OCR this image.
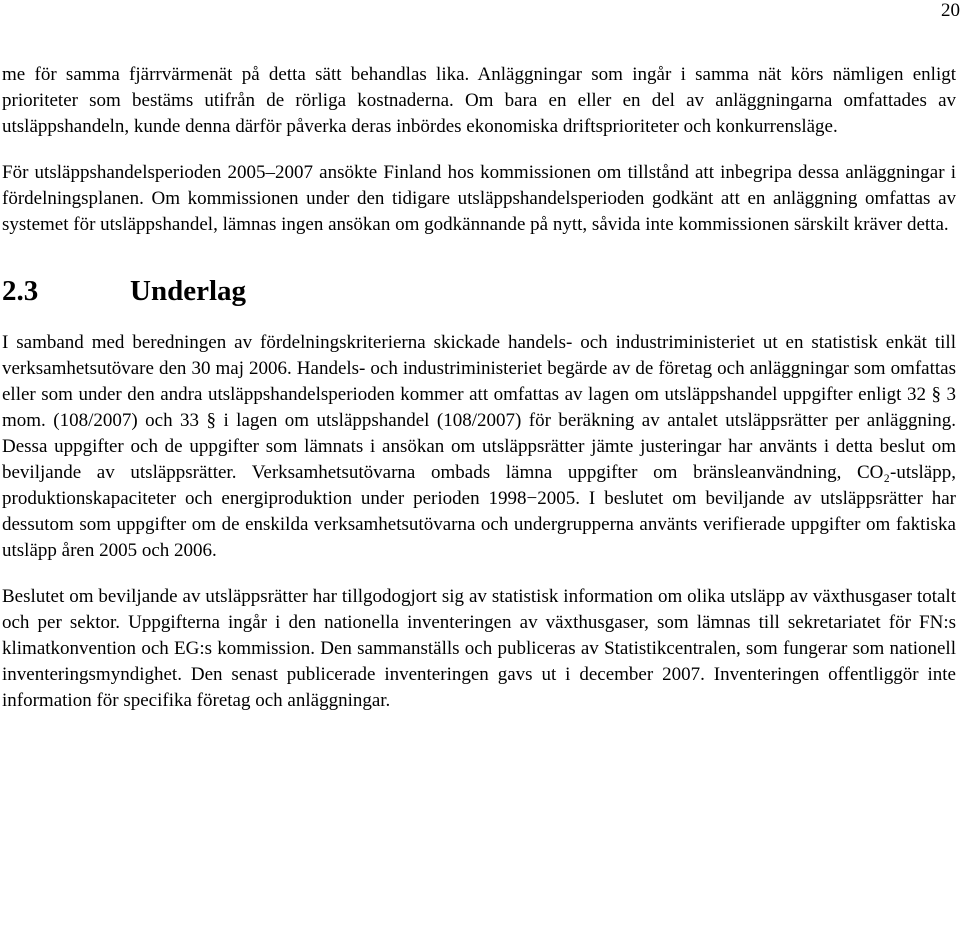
20

me för samma fjärrvärmenät på detta sätt behandlas lika. Anläggningar som ingår i samma nät körs nämligen enligt prioriteter som bestäms utifrån de rörliga kostnaderna. Om bara en eller en del av anläggningarna omfattades av utsläppshandeln, kunde denna därför påverka deras inbördes ekonomiska driftsprioriteter och konkurrensläge.

För utsläppshandelsperioden 2005–2007 ansökte Finland hos kommissionen om tillstånd att inbegripa dessa anläggningar i fördelningsplanen. Om kommissionen under den tidigare utsläppshandelsperioden godkänt att en anläggning omfattas av systemet för utsläppshandel, lämnas ingen ansökan om godkännande på nytt, såvida inte kommissionen särskilt kräver detta.

2.3	Underlag

I samband med beredningen av fördelningskriterierna skickade handels- och industriministeriet ut en statistisk enkät till verksamhetsutövare den 30 maj 2006. Handels- och industriministeriet begärde av de företag och anläggningar som omfattas eller som under den andra utsläppshandelsperioden kommer att omfattas av lagen om utsläppshandel uppgifter enligt 32 § 3 mom. (108/2007) och 33 § i lagen om utsläppshandel (108/2007) för beräkning av antalet utsläppsrätter per anläggning. Dessa uppgifter och de uppgifter som lämnats i ansökan om utsläppsrätter jämte justeringar har använts i detta beslut om beviljande av utsläppsrätter. Verksamhetsutövarna ombads lämna uppgifter om bränsleanvändning, CO₂-utsläpp, produktionskapaciteter och energiproduktion under perioden 1998−2005. I beslutet om beviljande av utsläppsrätter har dessutom som uppgifter om de enskilda verksamhetsutövarna och undergrupperna använts verifierade uppgifter om faktiska utsläpp åren 2005 och 2006.

Beslutet om beviljande av utsläppsrätter har tillgodogjort sig av statistisk information om olika utsläpp av växthusgaser totalt och per sektor. Uppgifterna ingår i den nationella inventeringen av växthusgaser, som lämnas till sekretariatet för FN:s klimatkonvention och EG:s kommission. Den sammanställs och publiceras av Statistikcentralen, som fungerar som nationell inventeringsmyndighet. Den senast publicerade inventeringen gavs ut i december 2007. Inventeringen offentliggör inte information för specifika företag och anläggningar.
